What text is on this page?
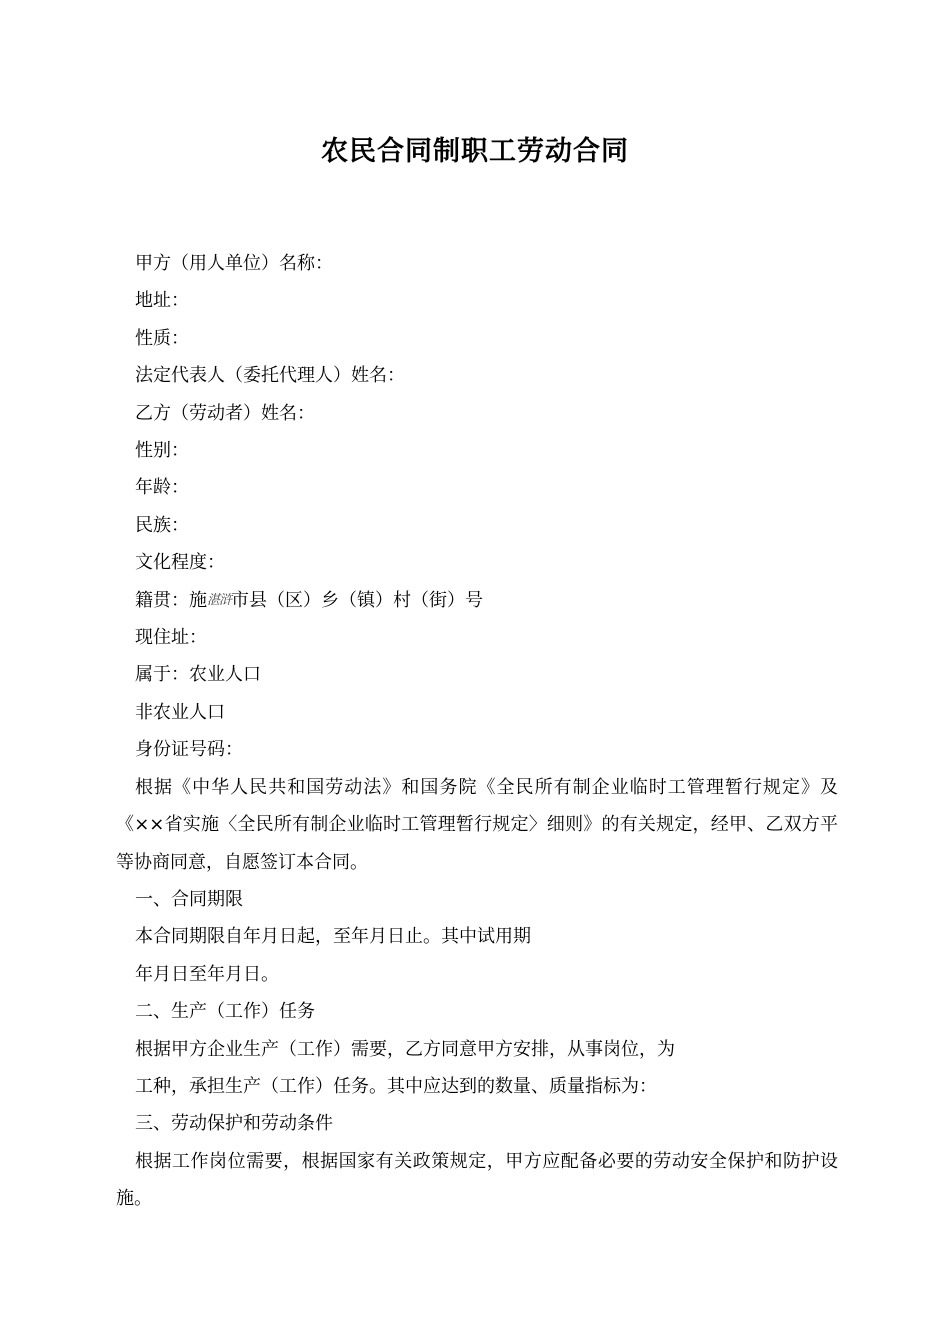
农民合同制职工劳动合同

甲方（用人单位）名称：

地址：

性质：

法定代表人（委托代理人）姓名：

乙方（劳动者）姓名：

性别：

年龄：

民族：

文化程度：

籍贯：施湛浒市县（区）乡（镇）村（街）号

现住址：

属于：农业人口

非农业人口

身份证号码：

根据《中华人民共和国劳动法》和国务院《全民所有制企业临时工管理暂行规定》及《××省实施〈全民所有制企业临时工管理暂行规定〉细则》的有关规定，经甲、乙双方平等协商同意，自愿签订本合同。

一、合同期限

本合同期限自年月日起，至年月日止。其中试用期

年月日至年月日。

二、生产（工作）任务

根据甲方企业生产（工作）需要，乙方同意甲方安排，从事岗位，为

工种，承担生产（工作）任务。其中应达到的数量、质量指标为：

三、劳动保护和劳动条件

根据工作岗位需要，根据国家有关政策规定，甲方应配备必要的劳动安全保护和防护设施。
